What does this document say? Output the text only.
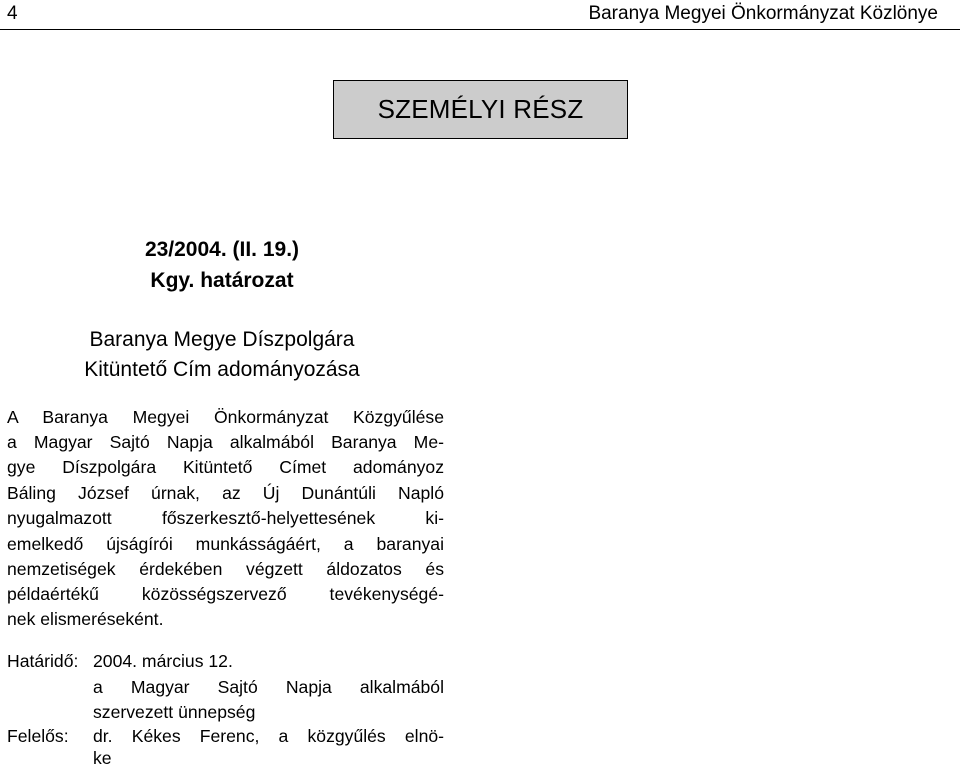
4	Baranya Megyei Önkormányzat Közlönye
SZEMÉLYI RÉSZ
23/2004. (II. 19.)
Kgy. határozat
Baranya Megye Díszpolgára
Kitüntető Cím adományozása
A Baranya Megyei Önkormányzat Közgyűlése
a Magyar Sajtó Napja alkalmából Baranya Me-
gye Díszpolgára Kitüntető Címet adományoz
Báling József úrnak, az Új Dunántúli Napló
nyugalmazott főszerkesztő-helyettesének ki-
emelkedő újságírói munkásságáért, a baranyai
nemzetiségek érdekében végzett áldozatos és
példaértékű közösségszervező tevékenységé-
nek elismeréseként.
Határidő: 2004. március 12.
a Magyar Sajtó Napja alkalmából
szervezett ünnepség
Felelős: dr. Kékes Ferenc, a közgyűlés elnö-
ke
